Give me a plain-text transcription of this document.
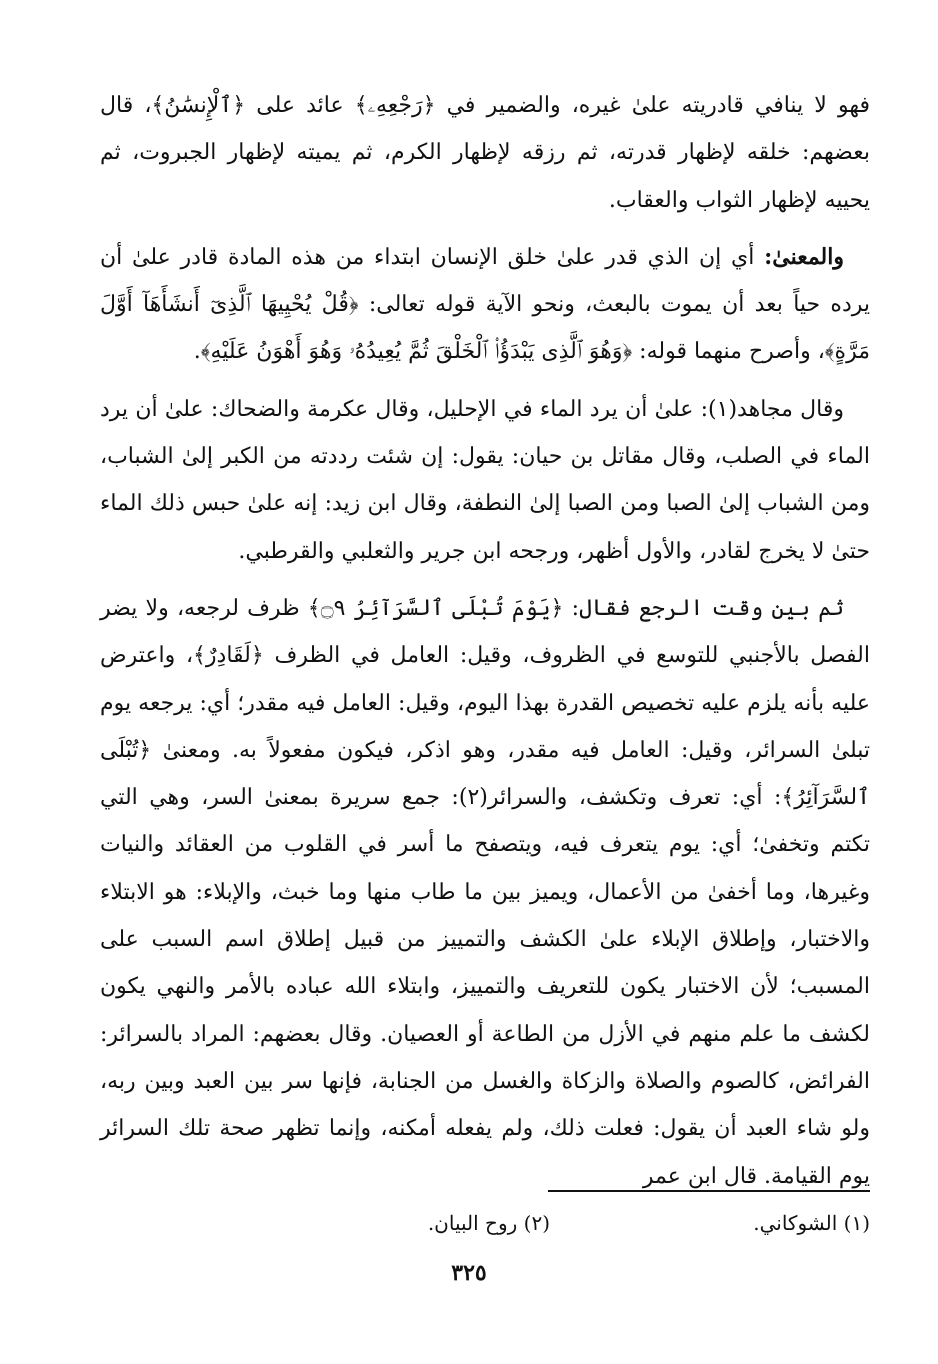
فهو لا ينافي قادريته علىٰ غيره، والضمير في ﴿رَجْعِهِۦ﴾ عائد على ﴿ٱلْإِنسَٰنُ﴾، قال بعضهم: خلقه لإظهار قدرته، ثم رزقه لإظهار الكرم، ثم يميته لإظهار الجبروت، ثم يحييه لإظهار الثواب والعقاب.

والمعنىٰ: أي إن الذي قدر علىٰ خلق الإنسان ابتداء من هذه المادة قادر علىٰ أن يرده حياً بعد أن يموت بالبعث، ونحو الآية قوله تعالى: ﴿قُلْ يُحْيِيهَا ٱلَّذِىٓ أَنشَأَهَآ أَوَّلَ مَرَّةٍ﴾، وأصرح منهما قوله: ﴿وَهُوَ ٱلَّذِى يَبْدَؤُا۟ ٱلْخَلْقَ ثُمَّ يُعِيدُهُۥ وَهُوَ أَهْوَنُ عَلَيْهِ﴾.

وقال مجاهد(١): علىٰ أن يرد الماء في الإحليل، وقال عكرمة والضحاك: علىٰ أن يرد الماء في الصلب، وقال مقاتل بن حيان: يقول: إن شئت رددته من الكبر إلىٰ الشباب، ومن الشباب إلىٰ الصبا ومن الصبا إلىٰ النطفة، وقال ابن زيد: إنه علىٰ حبس ذلك الماء حتىٰ لا يخرج لقادر، والأول أظهر، ورجحه ابن جرير والثعلبي والقرطبي.

ثم بين وقت الرجع فقال: ﴿يَوْمَ تُبْلَى ٱلسَّرَآئِرُ ۝٩﴾ ظرف لرجعه، ولا يضر الفصل بالأجنبي للتوسع في الظروف، وقيل: العامل في الظرف ﴿لَقَادِرٌ﴾، واعترض عليه بأنه يلزم عليه تخصيص القدرة بهذا اليوم، وقيل: العامل فيه مقدر؛ أي: يرجعه يوم تبلىٰ السرائر، وقيل: العامل فيه مقدر، وهو اذكر، فيكون مفعولاً به. ومعنىٰ ﴿تُبْلَى ٱلسَّرَآئِرُ﴾: أي: تعرف وتكشف، والسرائر(٢): جمع سريرة بمعنىٰ السر، وهي التي تكتم وتخفىٰ؛ أي: يوم يتعرف فيه، ويتصفح ما أسر في القلوب من العقائد والنيات وغيرها، وما أخفىٰ من الأعمال، ويميز بين ما طاب منها وما خبث، والإبلاء: هو الابتلاء والاختبار، وإطلاق الإبلاء علىٰ الكشف والتمييز من قبيل إطلاق اسم السبب على المسبب؛ لأن الاختبار يكون للتعريف والتمييز، وابتلاء الله عباده بالأمر والنهي يكون لكشف ما علم منهم في الأزل من الطاعة أو العصيان. وقال بعضهم: المراد بالسرائر: الفرائض، كالصوم والصلاة والزكاة والغسل من الجنابة، فإنها سر بين العبد وبين ربه، ولو شاء العبد أن يقول: فعلت ذلك، ولم يفعله أمكنه، وإنما تظهر صحة تلك السرائر يوم القيامة. قال ابن عمر

(١) الشوكاني.
(٢) روح البيان.
٣٢٥
